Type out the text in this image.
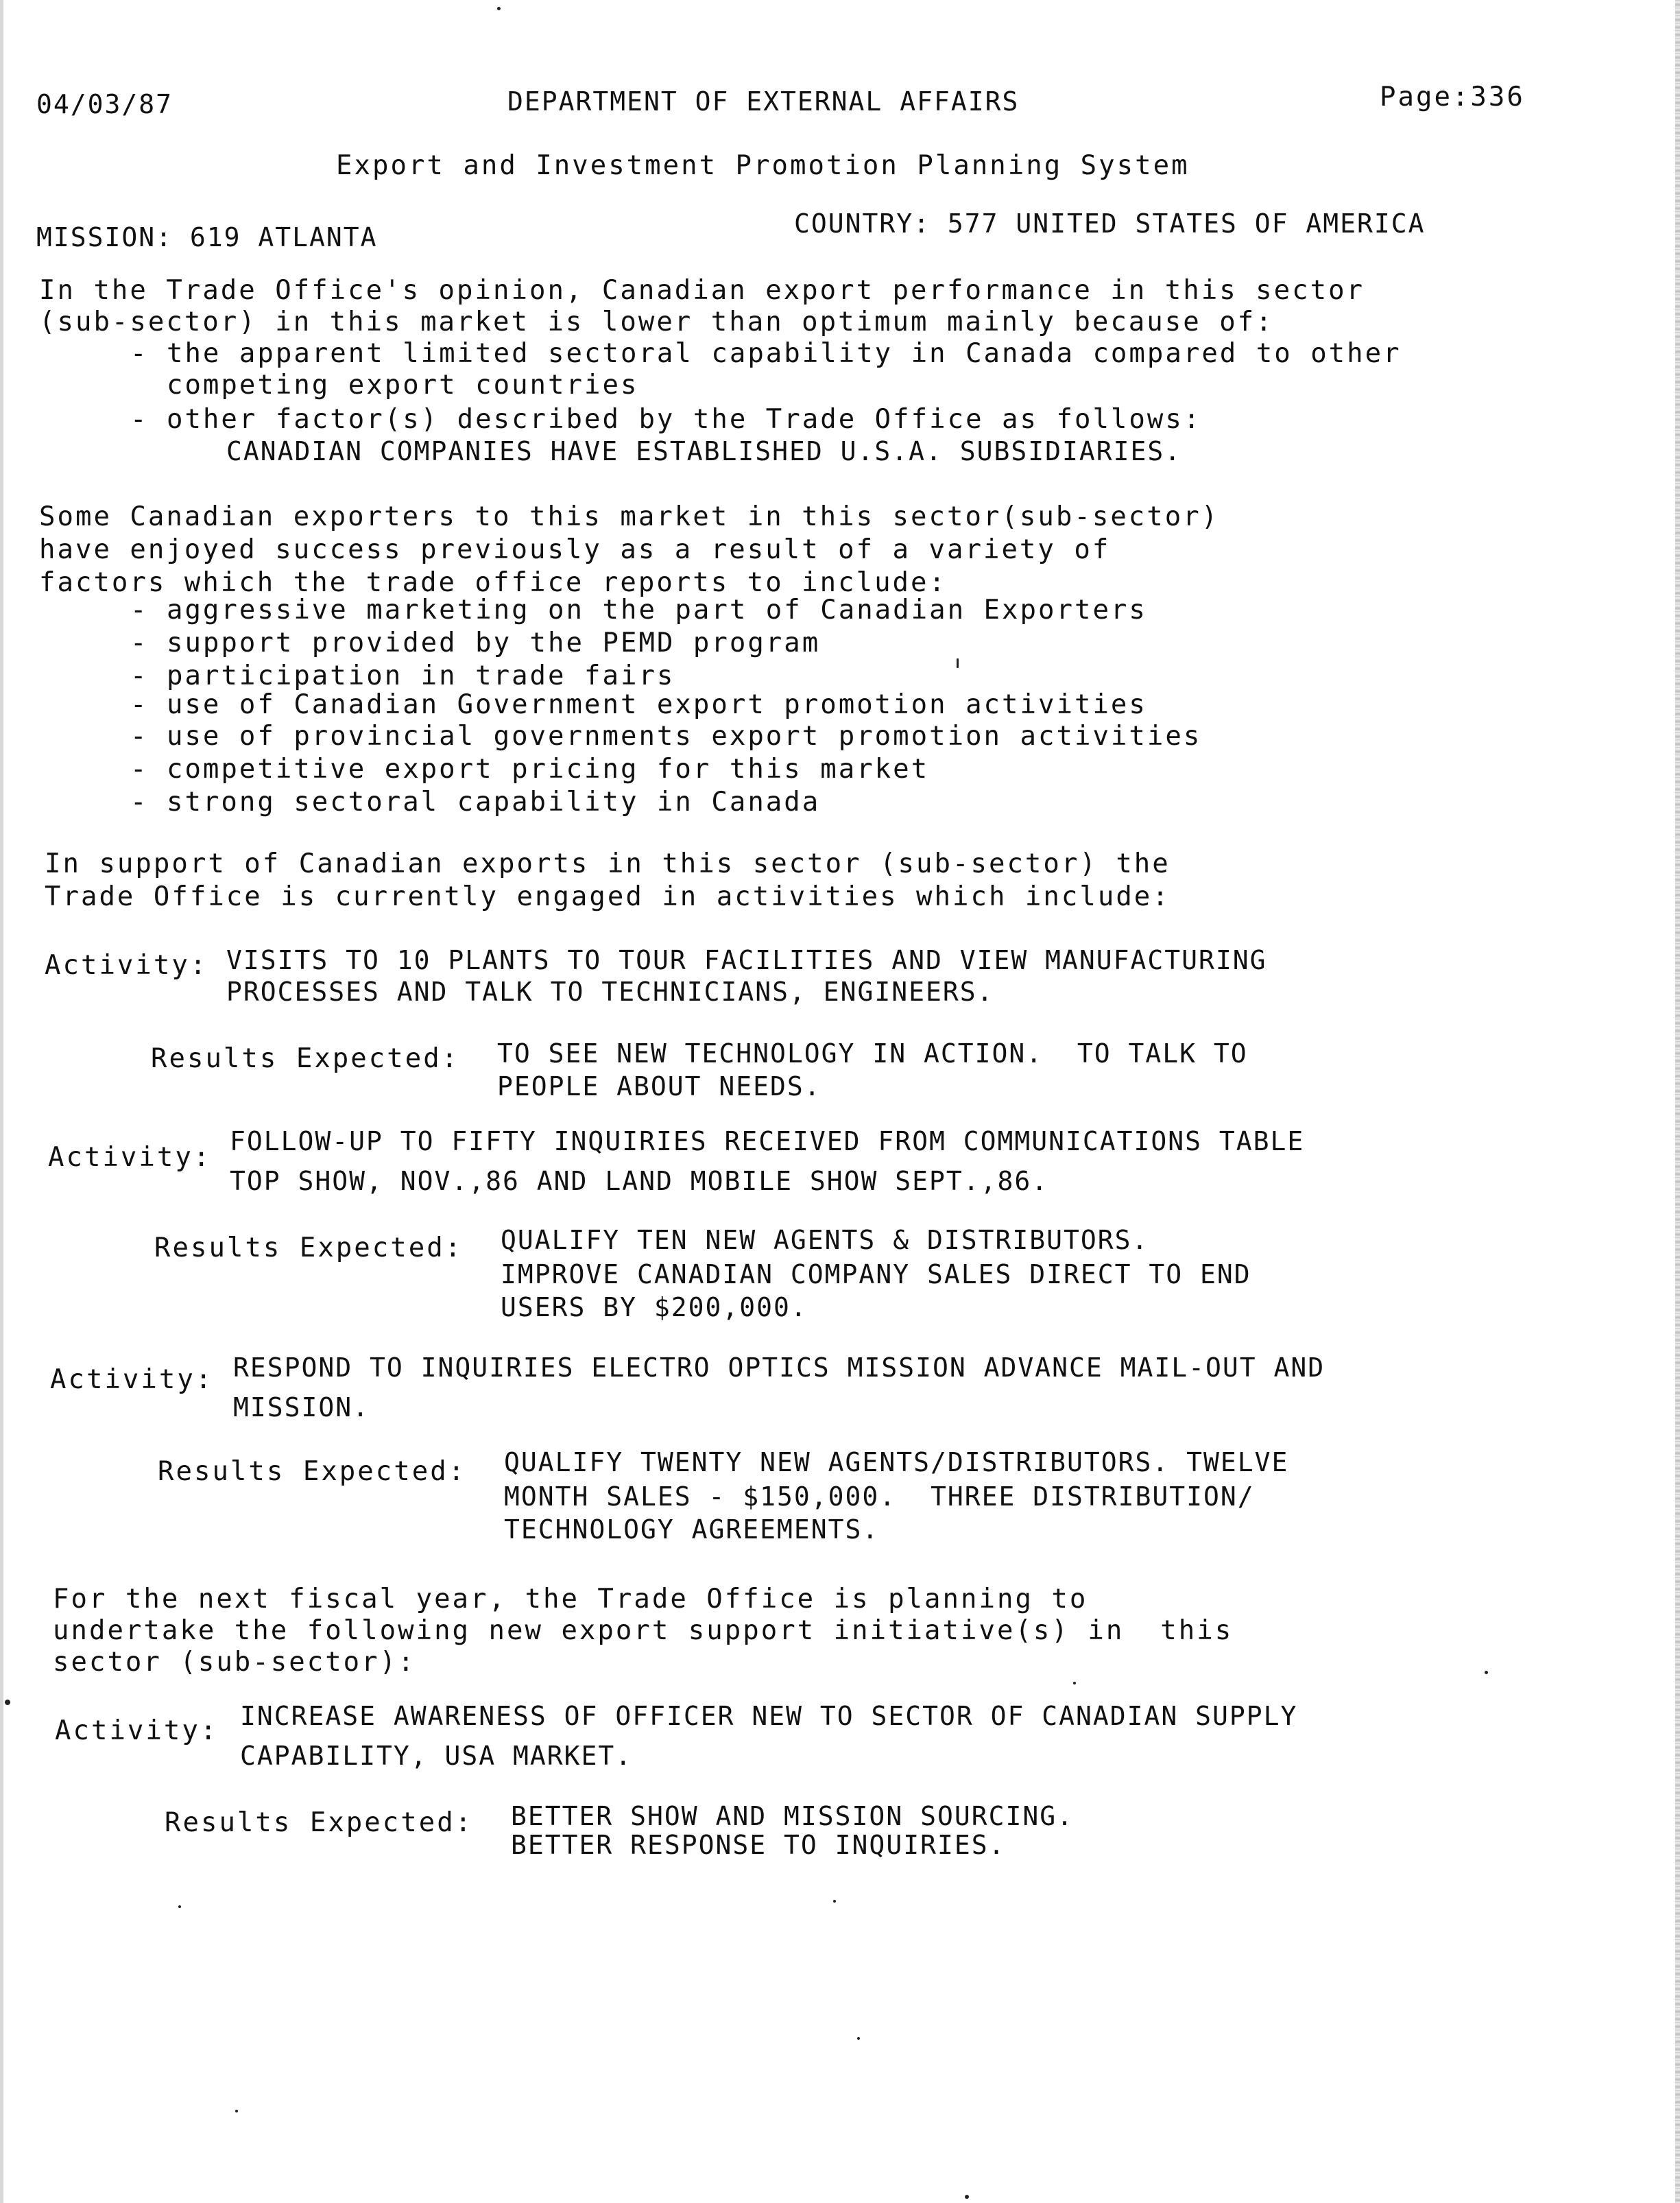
04/03/87	DEPARTMENT OF EXTERNAL AFFAIRS	Page:336
Export and Investment Promotion Planning System
MISSION: 619 ATLANTA	COUNTRY: 577 UNITED STATES OF AMERICA
In the Trade Office's opinion, Canadian export performance in this sector
(sub-sector) in this market is lower than optimum mainly because of:
- the apparent limited sectoral capability in Canada compared to other
competing export countries
- other factor(s) described by the Trade Office as follows:
CANADIAN COMPANIES HAVE ESTABLISHED U.S.A. SUBSIDIARIES.
Some Canadian exporters to this market in this sector(sub-sector)
have enjoyed success previously as a result of a variety of
factors which the trade office reports to include:
- aggressive marketing on the part of Canadian Exporters
- support provided by the PEMD program
- participation in trade fairs
- use of Canadian Government export promotion activities
- use of provincial governments export promotion activities
- competitive export pricing for this market
- strong sectoral capability in Canada
In support of Canadian exports in this sector (sub-sector) the
Trade Office is currently engaged in activities which include:
Activity: VISITS TO 10 PLANTS TO TOUR FACILITIES AND VIEW MANUFACTURING
PROCESSES AND TALK TO TECHNICIANS, ENGINEERS.
Results Expected: TO SEE NEW TECHNOLOGY IN ACTION.  TO TALK TO
PEOPLE ABOUT NEEDS.
Activity:
FOLLOW-UP TO FIFTY INQUIRIES RECEIVED FROM COMMUNICATIONS TABLE
TOP SHOW, NOV.,86 AND LAND MOBILE SHOW SEPT.,86.
Results Expected: QUALIFY TEN NEW AGENTS & DISTRIBUTORS.
IMPROVE CANADIAN COMPANY SALES DIRECT TO END
USERS BY $200,000.
Activity: RESPOND TO INQUIRIES ELECTRO OPTICS MISSION ADVANCE MAIL-OUT AND
MISSION.
Results Expected: QUALIFY TWENTY NEW AGENTS/DISTRIBUTORS. TWELVE
MONTH SALES - $150,000.  THREE DISTRIBUTION/
TECHNOLOGY AGREEMENTS.
For the next fiscal year, the Trade Office is planning to
undertake the following new export support initiative(s) in  this
sector (sub-sector):
Activity: INCREASE AWARENESS OF OFFICER NEW TO SECTOR OF CANADIAN SUPPLY
CAPABILITY, USA MARKET.
Results Expected: BETTER SHOW AND MISSION SOURCING.
BETTER RESPONSE TO INQUIRIES.
